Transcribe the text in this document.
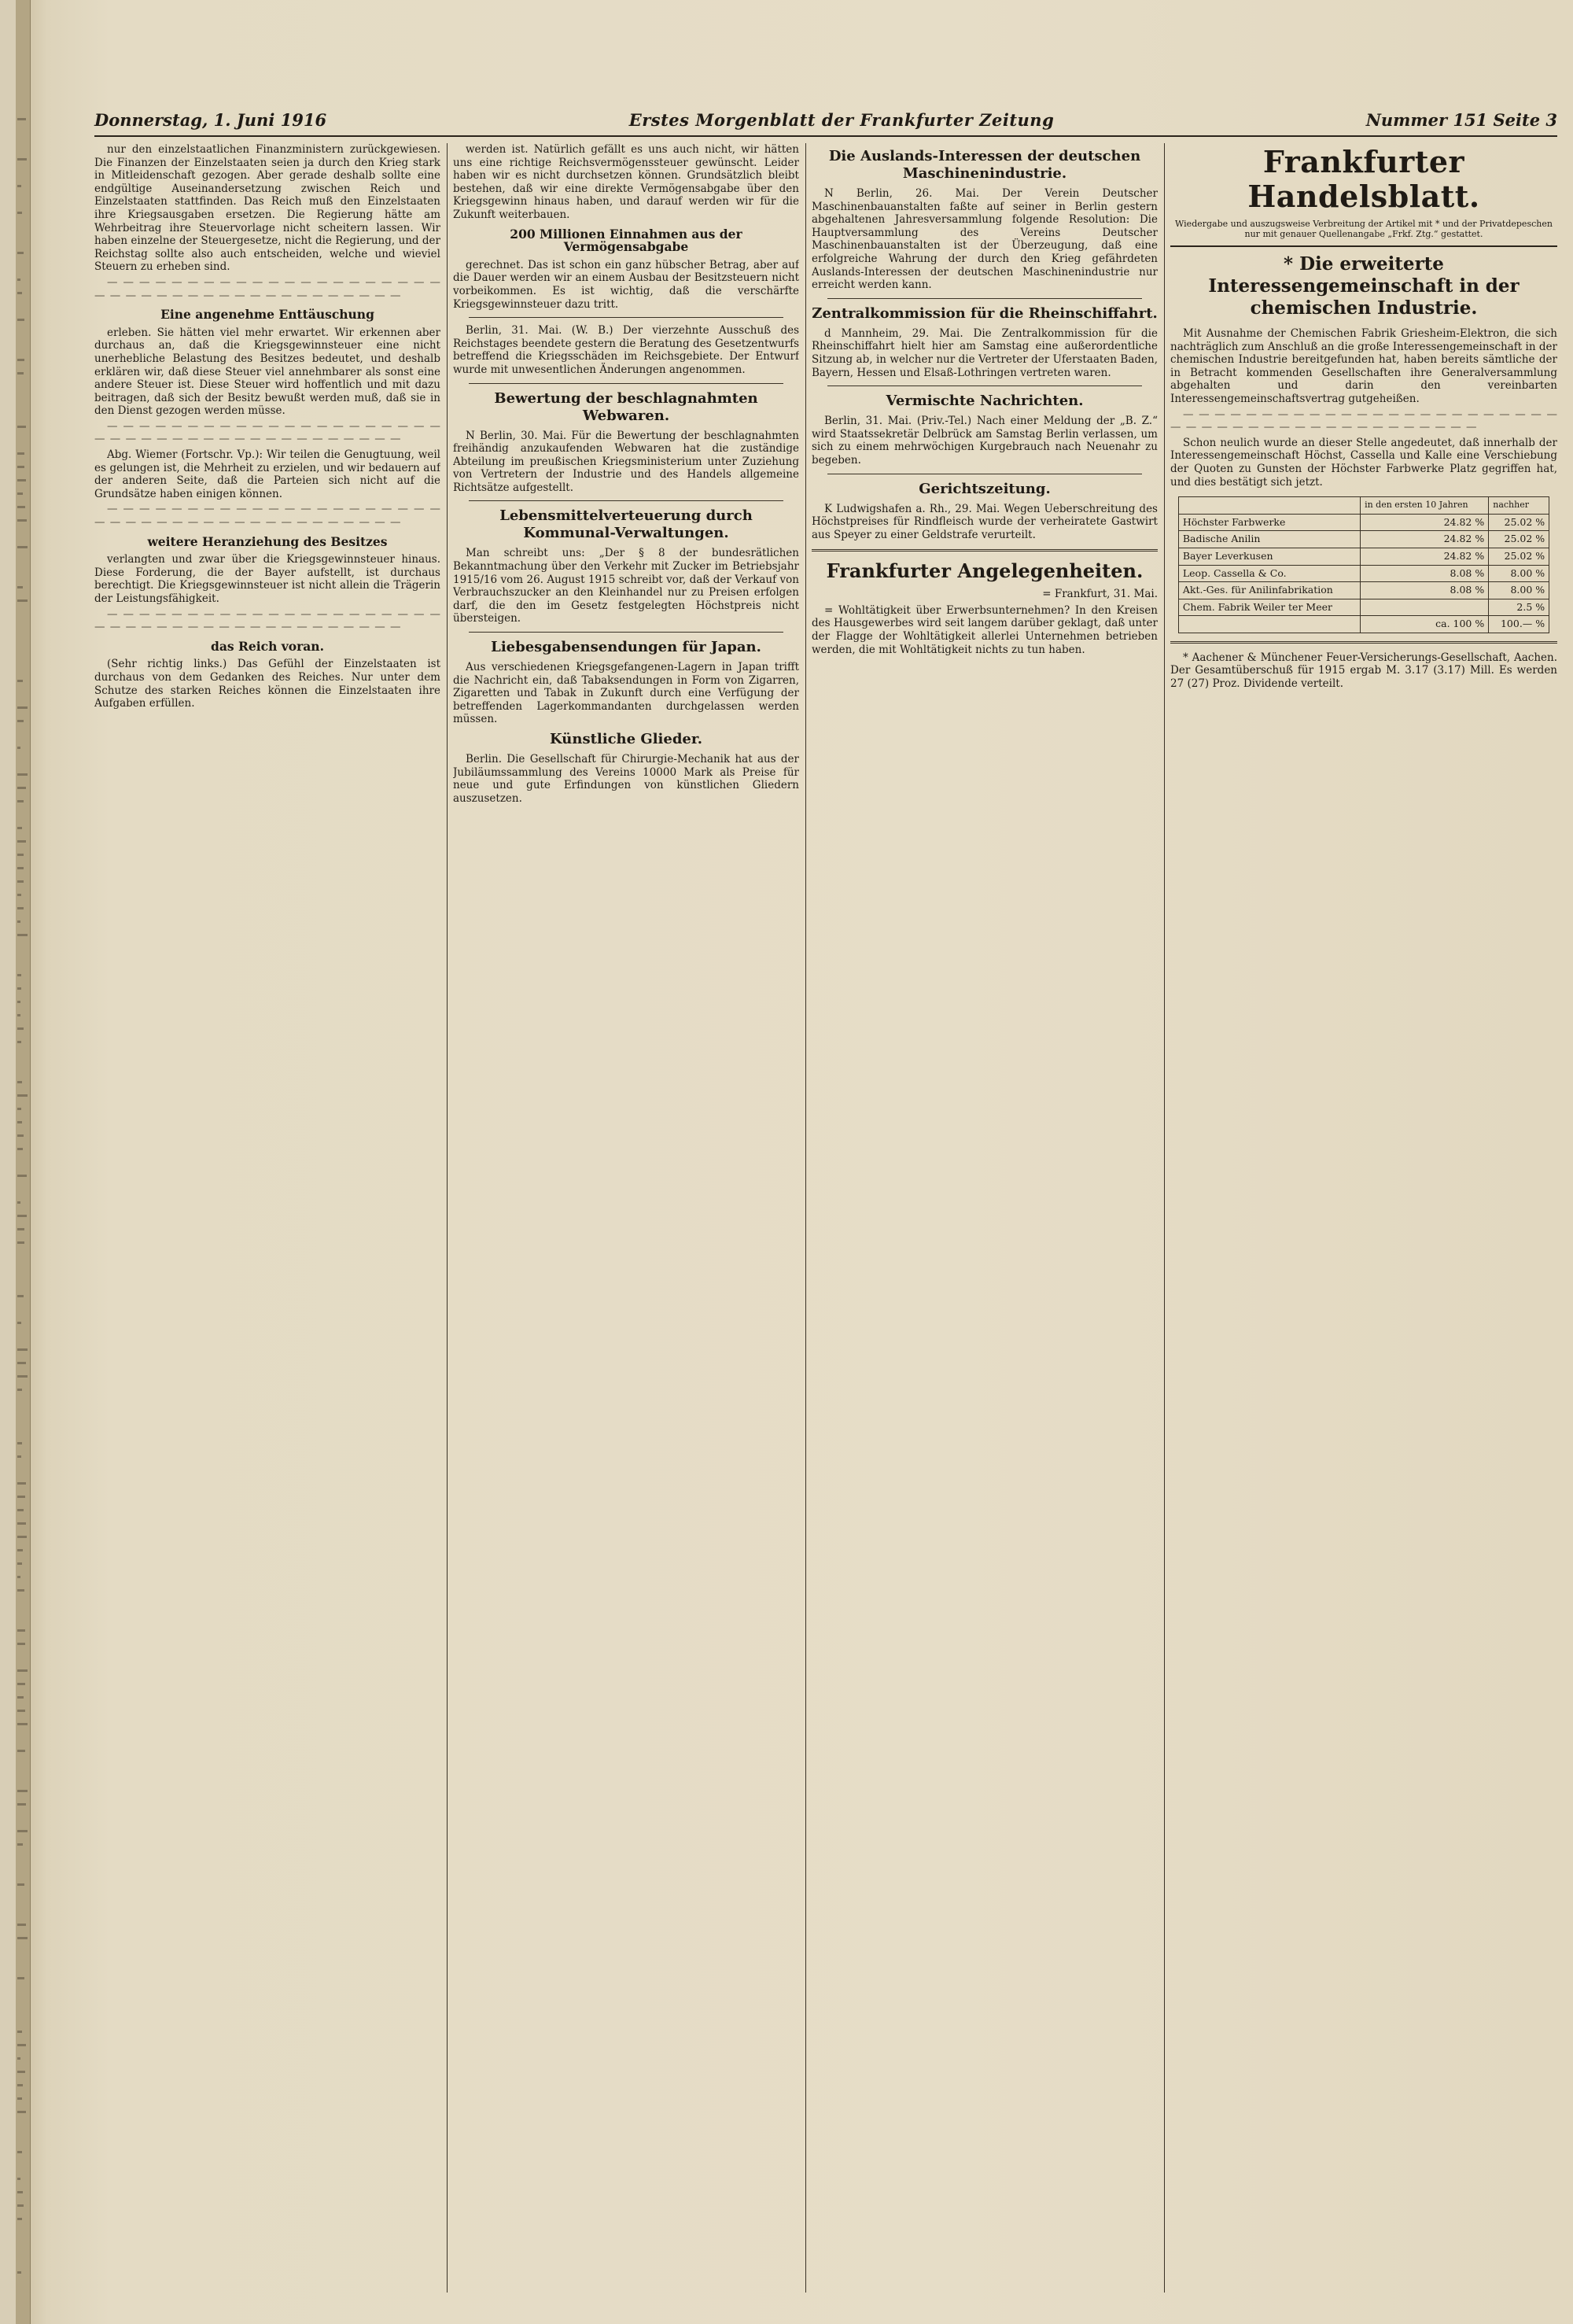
Donnerstag, 1. Juni 1916	Erstes Morgenblatt der Frankfurter Zeitung	Nummer 151 Seite 3

nur den einzelstaatlichen Finanzministern zurückgewiesen. Die Finanzen der Einzelstaaten seien ja durch den Krieg stark in Mitleidenschaft gezogen. Aber gerade deshalb sollte eine endgültige Auseinandersetzung zwischen Reich und Einzelstaaten stattfinden. Das Reich muß den Einzelstaaten ihre Kriegsausgaben ersetzen. Die Regierung hätte am Wehrbeitrag ihre Steuervorlage nicht scheitern lassen. Wir haben einzelne der Steuergesetze, nicht die Regierung, und der Reichstag sollte also auch entscheiden, welche und wieviel Steuern zu erheben sind.

— — — — — — — — — — — — — — — — — — — — — — — — — — — — — — — — — — — — — — — — —

Eine angenehme Enttäuschung

erleben. Sie hätten viel mehr erwartet. Wir erkennen aber durchaus an, daß die Kriegsgewinnsteuer eine nicht unerhebliche Belastung des Besitzes bedeutet, und deshalb erklären wir, daß diese Steuer viel annehmbarer als sonst eine andere Steuer ist. Diese Steuer wird hoffentlich und mit dazu beitragen, daß sich der Besitz bewußt werden muß, daß sie in den Dienst gezogen werden müsse.

— — — — — — — — — — — — — — — — — — — — — — — — — — — — — — — — — — — — — — — — —

Abg. Wiemer (Fortschr. Vp.): Wir teilen die Genugtuung, weil es gelungen ist, die Mehrheit zu erzielen, und wir bedauern auf der anderen Seite, daß die Parteien sich nicht auf die Grundsätze haben einigen können.

— — — — — — — — — — — — — — — — — — — — — — — — — — — — — — — — — — — — — — — — —

weitere Heranziehung des Besitzes

verlangten und zwar über die Kriegsgewinnsteuer hinaus. Diese Forderung, die der Bayer aufstellt, ist durchaus berechtigt. Die Kriegsgewinnsteuer ist nicht allein die Trägerin der Leistungsfähigkeit.

— — — — — — — — — — — — — — — — — — — — — — — — — — — — — — — — — — — — — — — — —

das Reich voran.

(Sehr richtig links.) Das Gefühl der Einzelstaaten ist durchaus von dem Gedanken des Reiches. Nur unter dem Schutze des starken Reiches können die Einzelstaaten ihre Aufgaben erfüllen.

werden ist. Natürlich gefällt es uns auch nicht, wir hätten uns eine richtige Reichsvermögenssteuer gewünscht. Leider haben wir es nicht durchsetzen können. Grundsätzlich bleibt bestehen, daß wir eine direkte Vermögensabgabe über den Kriegsgewinn hinaus haben, und darauf werden wir für die Zukunft weiterbauen.

200 Millionen Einnahmen aus der Vermögensabgabe

gerechnet. Das ist schon ein ganz hübscher Betrag, aber auf die Dauer werden wir an einem Ausbau der Besitzsteuern nicht vorbeikommen. Es ist wichtig, daß die verschärfte Kriegsgewinnsteuer dazu tritt.

Berlin, 31. Mai. (W. B.) Der vierzehnte Ausschuß des Reichstages beendete gestern die Beratung des Gesetzentwurfs betreffend die Kriegsschäden im Reichsgebiete. Der Entwurf wurde mit unwesentlichen Änderungen angenommen.

Bewertung der beschlagnahmten Webwaren.

N Berlin, 30. Mai. Für die Bewertung der beschlagnahmten freihändig anzukaufenden Webwaren hat die zuständige Abteilung im preußischen Kriegsministerium unter Zuziehung von Vertretern der Industrie und des Handels allgemeine Richtsätze aufgestellt.

Lebensmittelverteuerung durch Kommunal-Verwaltungen.

Man schreibt uns: „Der § 8 der bundesrätlichen Bekanntmachung über den Verkehr mit Zucker im Betriebsjahr 1915/16 vom 26. August 1915 schreibt vor, daß der Verkauf von Verbrauchszucker an den Kleinhandel nur zu Preisen erfolgen darf, die den im Gesetz festgelegten Höchstpreis nicht übersteigen.

Liebesgabensendungen für Japan.

Aus verschiedenen Kriegsgefangenen-Lagern in Japan trifft die Nachricht ein, daß Tabaksendungen in Form von Zigarren, Zigaretten und Tabak in Zukunft durch eine Verfügung der betreffenden Lagerkommandanten durchgelassen werden müssen.

Künstliche Glieder.

Berlin. Die Gesellschaft für Chirurgie-Mechanik hat aus der Jubiläumssammlung des Vereins 10000 Mark als Preise für neue und gute Erfindungen von künstlichen Gliedern auszusetzen.

Die Auslands-Interessen der deutschen Maschinenindustrie.

N Berlin, 26. Mai. Der Verein Deutscher Maschinenbauanstalten faßte auf seiner in Berlin gestern abgehaltenen Jahresversammlung folgende Resolution: Die Hauptversammlung des Vereins Deutscher Maschinenbauanstalten ist der Überzeugung, daß eine erfolgreiche Wahrung der durch den Krieg gefährdeten Auslands-Interessen der deutschen Maschinenindustrie nur erreicht werden kann.

Zentralkommission für die Rheinschiffahrt.

d Mannheim, 29. Mai. Die Zentralkommission für die Rheinschiffahrt hielt hier am Samstag eine außerordentliche Sitzung ab, in welcher nur die Vertreter der Uferstaaten Baden, Bayern, Hessen und Elsaß-Lothringen vertreten waren.

Vermischte Nachrichten.

Berlin, 31. Mai. (Priv.-Tel.) Nach einer Meldung der „B. Z.“ wird Staatssekretär Delbrück am Samstag Berlin verlassen, um sich zu einem mehrwöchigen Kurgebrauch nach Neuenahr zu begeben.

Gerichtszeitung.

K Ludwigshafen a. Rh., 29. Mai. Wegen Ueberschreitung des Höchstpreises für Rindfleisch wurde der verheiratete Gastwirt aus Speyer zu einer Geldstrafe verurteilt.

Frankfurter Angelegenheiten.
= Frankfurt, 31. Mai.

= Wohltätigkeit über Erwerbsunternehmen? In den Kreisen des Hausgewerbes wird seit langem darüber geklagt, daß unter der Flagge der Wohltätigkeit allerlei Unternehmen betrieben werden, die mit Wohltätigkeit nichts zu tun haben.

Frankfurter Handelsblatt.
Wiedergabe und auszugsweise Verbreitung der Artikel mit * und der Privatdepeschen nur mit genauer Quellenangabe „Frkf. Ztg.“ gestattet.
* Die erweiterte Interessengemeinschaft in der chemischen Industrie.

Mit Ausnahme der Chemischen Fabrik Griesheim-Elektron, die sich nachträglich zum Anschluß an die große Interessengemeinschaft in der chemischen Industrie bereitgefunden hat, haben bereits sämtliche der in Betracht kommenden Gesellschaften ihre Generalversammlung abgehalten und darin den vereinbarten Interessengemeinschaftsvertrag gutgeheißen.

— — — — — — — — — — — — — — — — — — — — — — — — — — — — — — — — — — — — — — — — — — — —

Schon neulich wurde an dieser Stelle angedeutet, daß innerhalb der Interessengemeinschaft Höchst, Cassella und Kalle eine Verschiebung der Quoten zu Gunsten der Höchster Farbwerke Platz gegriffen hat, und dies bestätigt sich jetzt.

	in den ersten 10 Jahren	nachher
Höchster Farbwerke	24.82 %	25.02 %
Badische Anilin	24.82 %	25.02 %
Bayer Leverkusen	24.82 %	25.02 %
Leop. Cassella & Co.	8.08 %	8.00 %
Akt.-Ges. für Anilinfabrikation	8.08 %	8.00 %
Chem. Fabrik Weiler ter Meer		2.5 %
	ca. 100 %	100.— %

* Aachener & Münchener Feuer-Versicherungs-Gesellschaft, Aachen. Der Gesamtüberschuß für 1915 ergab M. 3.17 (3.17) Mill. Es werden 27 (27) Proz. Dividende verteilt.
